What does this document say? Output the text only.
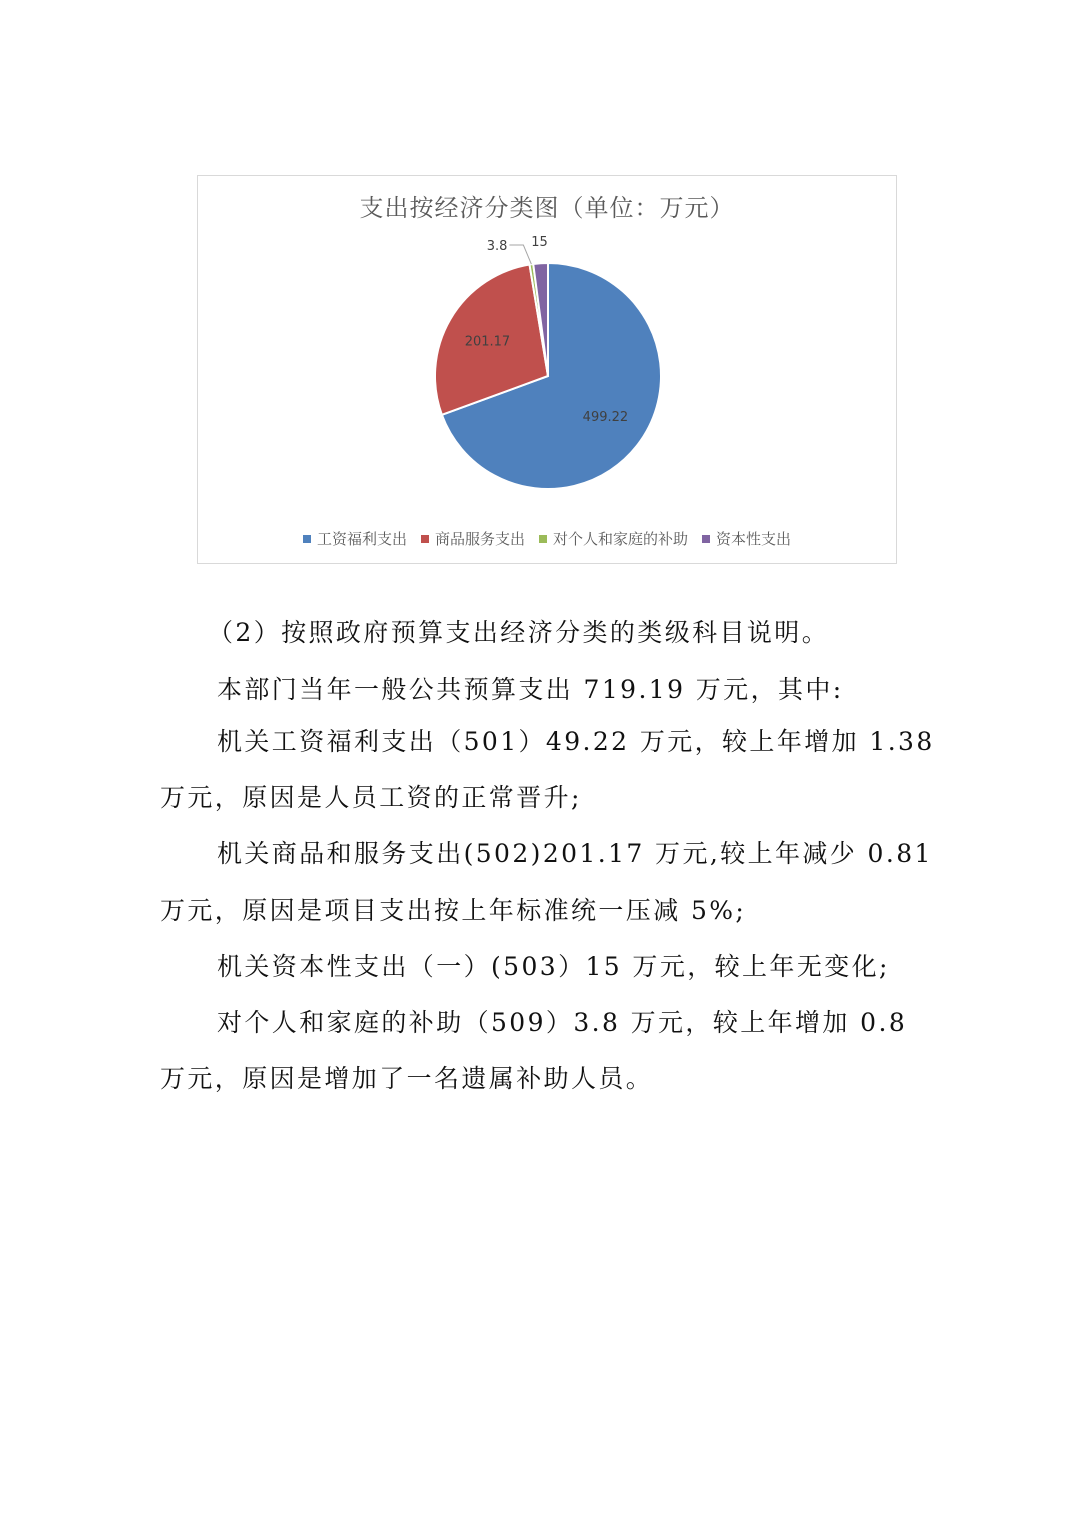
支出按经济分类图（单位：万元）
499.22
201.17
3.8 15
工资福利支出 商品服务支出 对个人和家庭的补助 资本性支出
（2）按照政府预算支出经济分类的类级科目说明。
本部门当年一般公共预算支出 719.19 万元，其中:
机关工资福利支出（501）49.22 万元，较上年增加 1.38
万元，原因是人员工资的正常晋升;
机关商品和服务支出(502)201.17 万元,较上年减少 0.81
万元，原因是项目支出按上年标准统一压减 5%;
机关资本性支出（一）(503）15 万元，较上年无变化;
对个人和家庭的补助（509）3.8 万元，较上年增加 0.8
万元，原因是增加了一名遗属补助人员。
